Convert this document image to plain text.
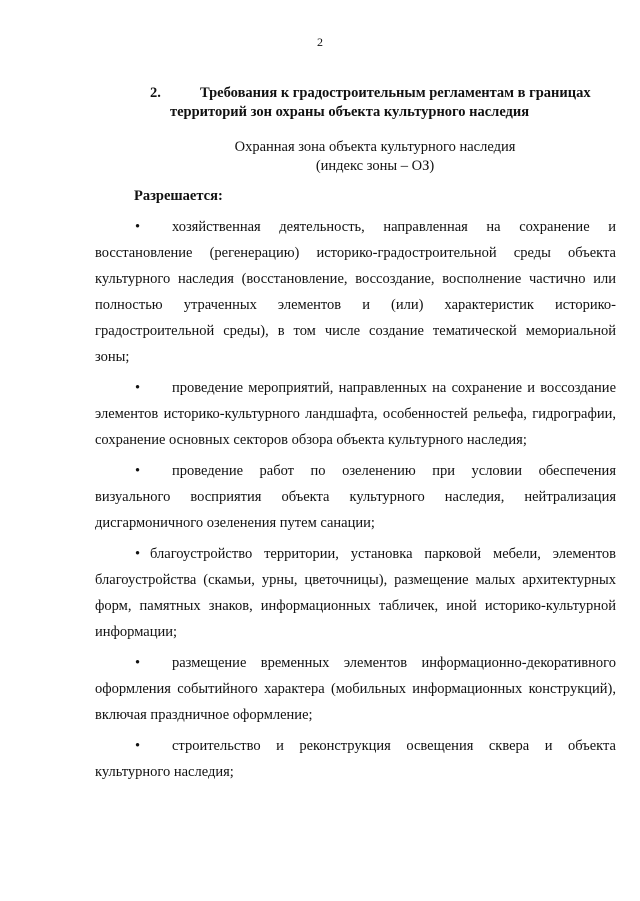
2
2.	Требования к градостроительным регламентам в границах
территорий зон охраны объекта культурного наследия
Охранная зона объекта культурного наследия
(индекс зоны – ОЗ)
Разрешается:
• хозяйственная деятельность, направленная на сохранение и восстановление (регенерацию) историко-градостроительной среды объекта культурного наследия (восстановление, воссоздание, восполнение частично или полностью утраченных элементов и (или) характеристик историко-градостроительной среды), в том числе создание тематической мемориальной зоны;
• проведение мероприятий, направленных на сохранение и воссоздание элементов историко-культурного ландшафта, особенностей рельефа, гидрографии, сохранение основных секторов обзора объекта культурного наследия;
• проведение работ по озеленению при условии обеспечения визуального восприятия объекта культурного наследия, нейтрализация дисгармоничного озеленения путем санации;
• благоустройство территории, установка парковой мебели, элементов благоустройства (скамьи, урны, цветочницы), размещение малых архитектурных форм, памятных знаков, информационных табличек, иной историко-культурной информации;
• размещение временных элементов информационно-декоративного оформления событийного характера (мобильных информационных конструкций), включая праздничное оформление;
• строительство и реконструкция освещения сквера и объекта культурного наследия;
